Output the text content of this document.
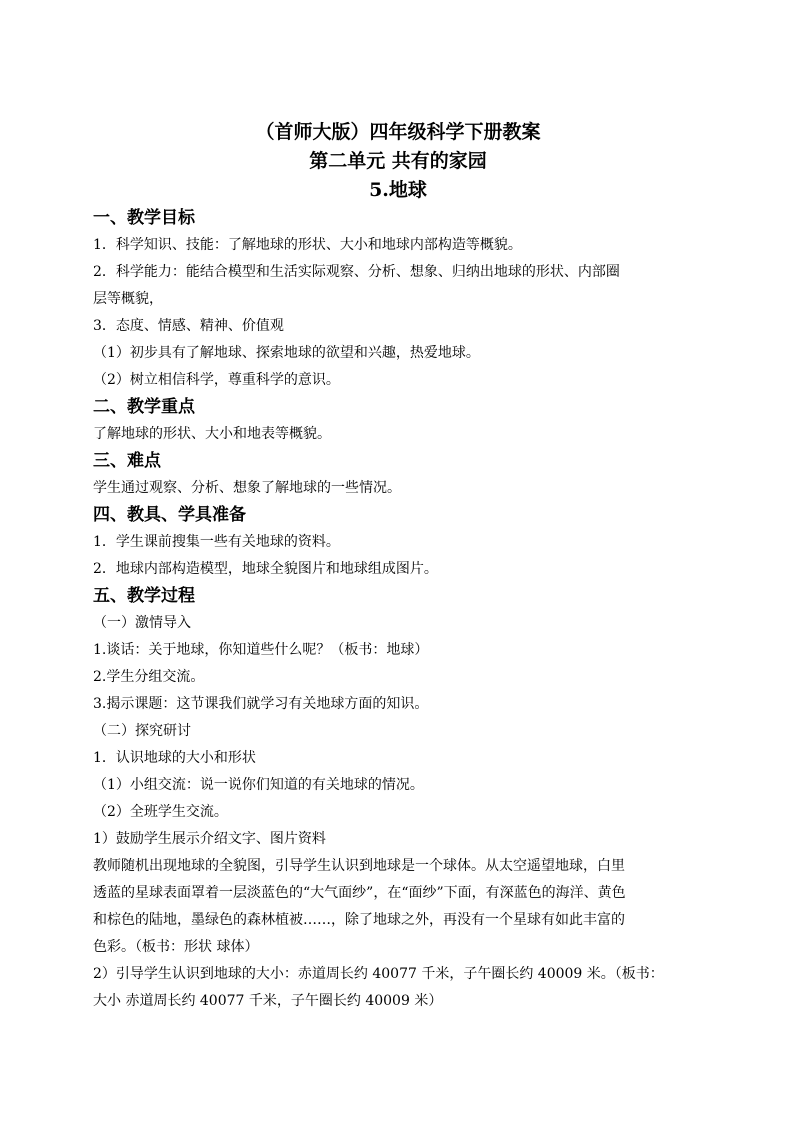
（首师大版）四年级科学下册教案

第二单元 共有的家园

5.地球

一、教学目标

1．科学知识、技能：了解地球的形状、大小和地球内部构造等概貌。

2．科学能力：能结合模型和生活实际观察、分析、想象、归纳出地球的形状、内部圈

层等概貌，

3．态度、情感、精神、价值观

（1）初步具有了解地球、探索地球的欲望和兴趣，热爱地球。

（2）树立相信科学，尊重科学的意识。

二、教学重点

了解地球的形状、大小和地表等概貌。

三、难点

学生通过观察、分析、想象了解地球的一些情况。

四、教具、学具准备

1．学生课前搜集一些有关地球的资料。

2．地球内部构造模型，地球全貌图片和地球组成图片。

五、教学过程

（一）激情导入

1.谈话：关于地球，你知道些什么呢？（板书：地球）

2.学生分组交流。

3.揭示课题：这节课我们就学习有关地球方面的知识。

（二）探究研讨

1．认识地球的大小和形状

（1）小组交流：说一说你们知道的有关地球的情况。

（2）全班学生交流。

1）鼓励学生展示介绍文字、图片资料

教师随机出现地球的全貌图，引导学生认识到地球是一个球体。从太空遥望地球，白里

透蓝的星球表面罩着一层淡蓝色的“大气面纱”，在“面纱”下面，有深蓝色的海洋、黄色

和棕色的陆地，墨绿色的森林植被……，除了地球之外，再没有一个星球有如此丰富的

色彩。（板书：形状 球体）

2）引导学生认识到地球的大小：赤道周长约 40077 千米，子午圈长约 40009 米。（板书：

大小 赤道周长约 40077 千米，子午圈长约 40009 米）
